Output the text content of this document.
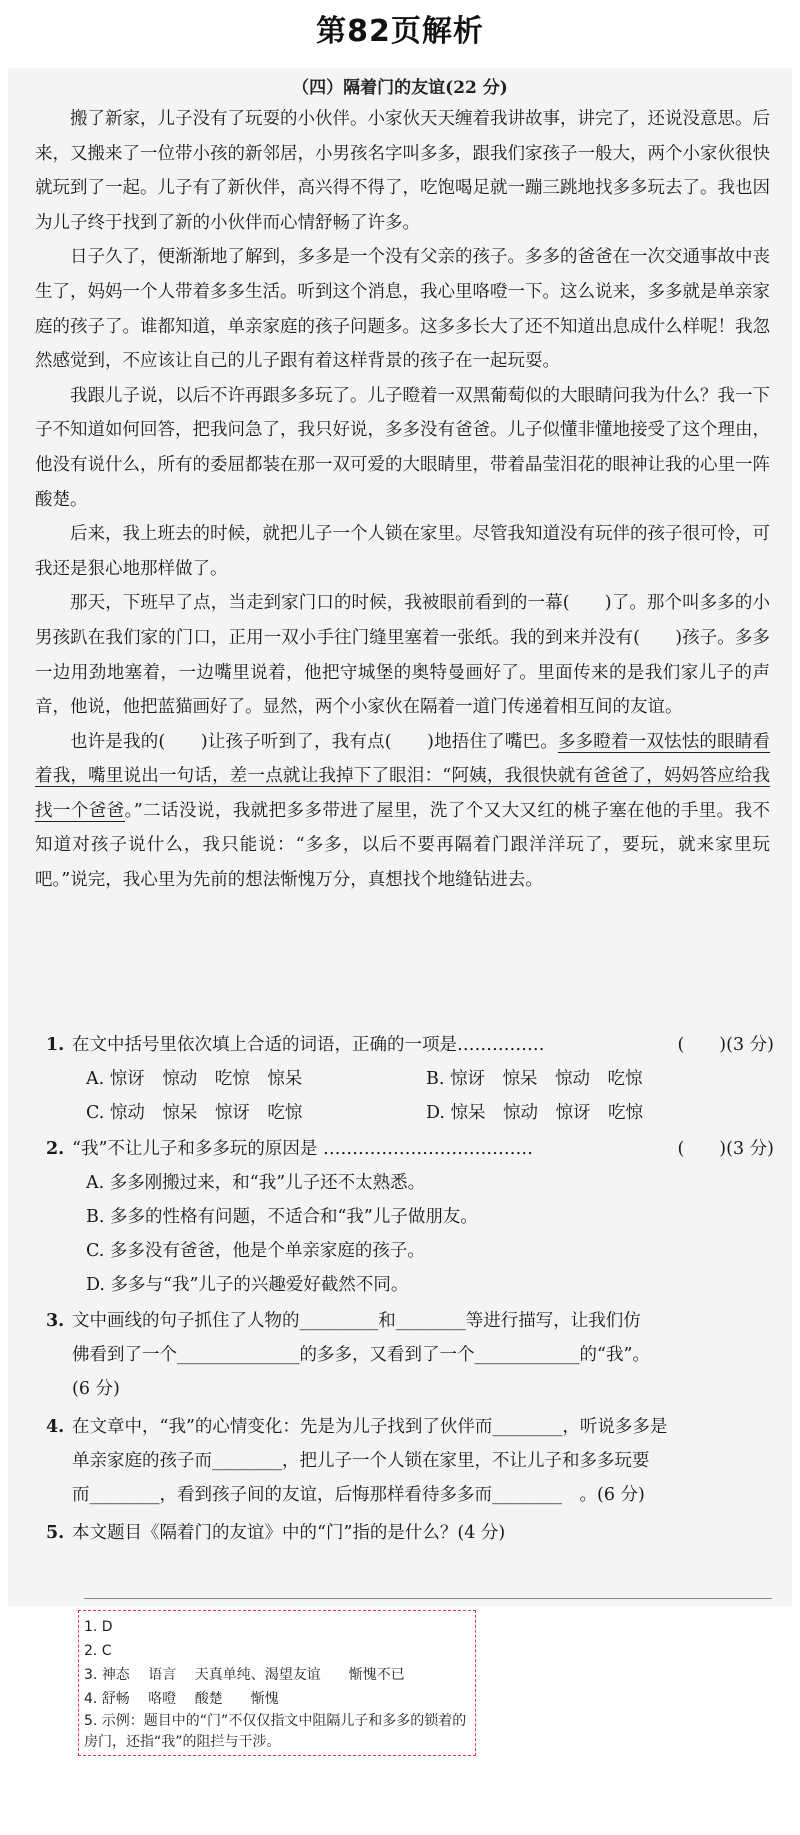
第82页解析
（四）隔着门的友谊(22 分)

搬了新家，儿子没有了玩耍的小伙伴。小家伙天天缠着我讲故事，讲完了，还说没意思。后来，又搬来了一位带小孩的新邻居，小男孩名字叫多多，跟我们家孩子一般大，两个小家伙很快就玩到了一起。儿子有了新伙伴，高兴得不得了，吃饱喝足就一蹦三跳地找多多玩去了。我也因为儿子终于找到了新的小伙伴而心情舒畅了许多。

日子久了，便渐渐地了解到，多多是一个没有父亲的孩子。多多的爸爸在一次交通事故中丧生了，妈妈一个人带着多多生活。听到这个消息，我心里咯噔一下。这么说来，多多就是单亲家庭的孩子了。谁都知道，单亲家庭的孩子问题多。这多多长大了还不知道出息成什么样呢！我忽然感觉到，不应该让自己的儿子跟有着这样背景的孩子在一起玩耍。

我跟儿子说，以后不许再跟多多玩了。儿子瞪着一双黑葡萄似的大眼睛问我为什么？我一下子不知道如何回答，把我问急了，我只好说，多多没有爸爸。儿子似懂非懂地接受了这个理由，他没有说什么，所有的委屈都装在那一双可爱的大眼睛里，带着晶莹泪花的眼神让我的心里一阵酸楚。

后来，我上班去的时候，就把儿子一个人锁在家里。尽管我知道没有玩伴的孩子很可怜，可我还是狠心地那样做了。

那天，下班早了点，当走到家门口的时候，我被眼前看到的一幕(　　)了。那个叫多多的小男孩趴在我们家的门口，正用一双小手往门缝里塞着一张纸。我的到来并没有(　　)孩子。多多一边用劲地塞着，一边嘴里说着，他把守城堡的奥特曼画好了。里面传来的是我们家儿子的声音，他说，他把蓝猫画好了。显然，两个小家伙在隔着一道门传递着相互间的友谊。

也许是我的(　　)让孩子听到了，我有点(　　)地捂住了嘴巴。多多瞪着一双怯怯的眼睛看着我，嘴里说出一句话，差一点就让我掉下了眼泪：“阿姨，我很快就有爸爸了，妈妈答应给我找一个爸爸。”二话没说，我就把多多带进了屋里，洗了个又大又红的桃子塞在他的手里。我不知道对孩子说什么，我只能说：“多多，以后不要再隔着门跟洋洋玩了，要玩，就来家里玩吧。”说完，我心里为先前的想法惭愧万分，真想找个地缝钻进去。

1. 在文中括号里依次填上合适的词语，正确的一项是……………	(　　)(3 分)
A. 惊讶　惊动　吃惊　惊呆	B. 惊讶　惊呆　惊动　吃惊
C. 惊动　惊呆　惊讶　吃惊	D. 惊呆　惊动　惊讶　吃惊
2. “我”不让儿子和多多玩的原因是 ………………………………	(　　)(3 分)
A. 多多刚搬过来，和“我”儿子还不太熟悉。
B. 多多的性格有问题，不适合和“我”儿子做朋友。
C. 多多没有爸爸，他是个单亲家庭的孩子。
D. 多多与“我”儿子的兴趣爱好截然不同。
3. 文中画线的句子抓住了人物的_________和________等进行描写，让我们仿
佛看到了一个______________的多多，又看到了一个____________的“我”。
(6 分)
4. 在文章中，“我”的心情变化：先是为儿子找到了伙伴而________，听说多多是
单亲家庭的孩子而________，把儿子一个人锁在家里，不让儿子和多多玩要
而________，看到孩子间的友谊，后悔那样看待多多而________　。(6 分)
5. 本文题目《隔着门的友谊》中的“门”指的是什么？(4 分)
1. D
2. C
3. 神态　 语言　 天真单纯、渴望友谊　　惭愧不已
4. 舒畅　 咯噔　 酸楚　　惭愧
5. 示例：题目中的“门”不仅仅指文中阻隔儿子和多多的锁着的房门，还指“我”的阻拦与干涉。
